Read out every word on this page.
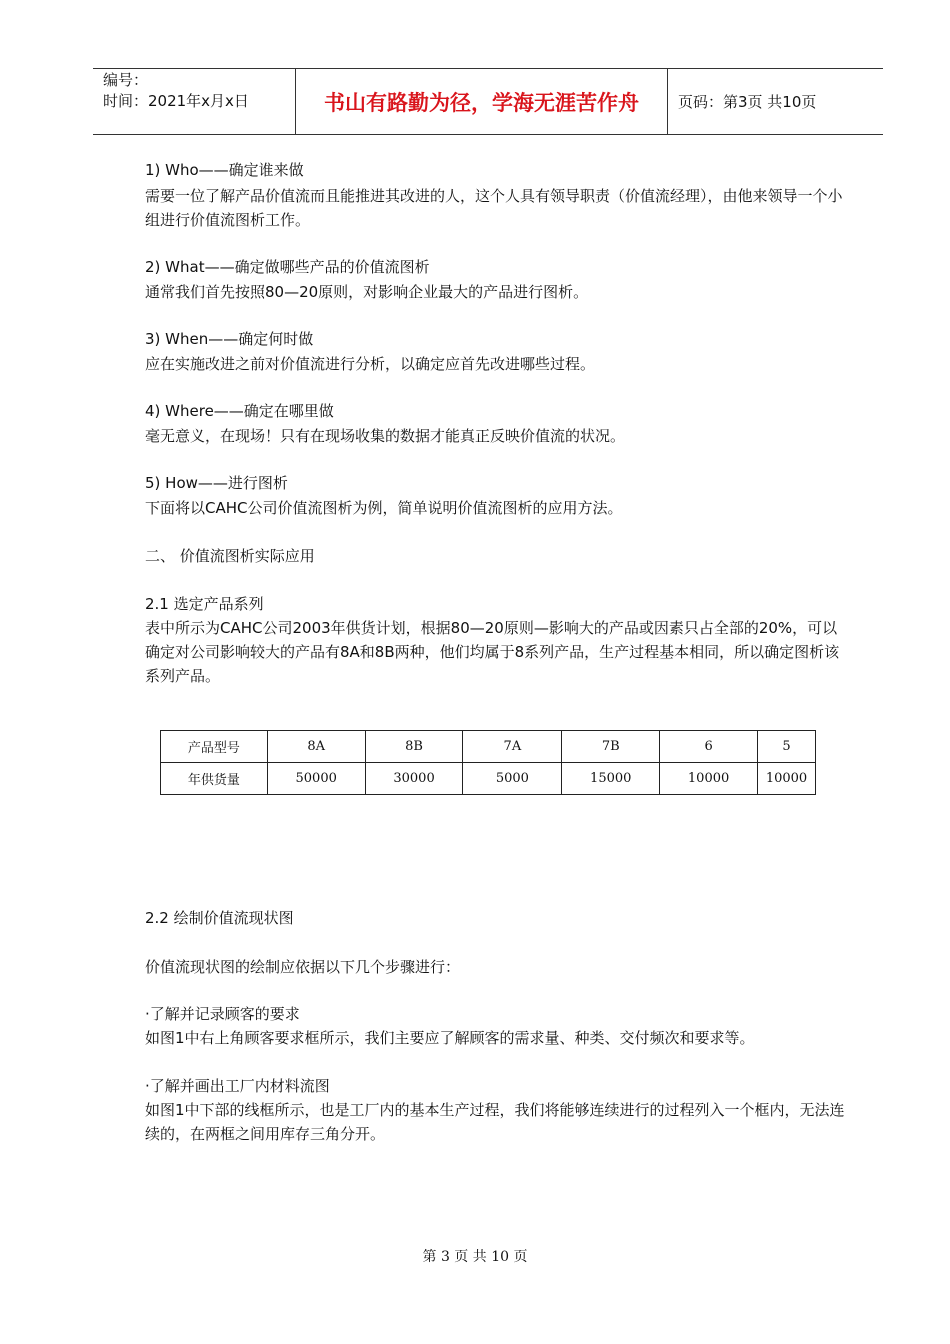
编号：
时间：2021年x月x日	书山有路勤为径，学海无涯苦作舟	页码：第3页 共10页
1) Who——确定谁来做
需要一位了解产品价值流而且能推进其改进的人，这个人具有领导职责（价值流经理），由他来领导一个小组进行价值流图析工作。
2) What——确定做哪些产品的价值流图析
通常我们首先按照80—20原则，对影响企业最大的产品进行图析。
3) When——确定何时做
应在实施改进之前对价值流进行分析，以确定应首先改进哪些过程。
4) Where——确定在哪里做
毫无意义，在现场！只有在现场收集的数据才能真正反映价值流的状况。
5) How——进行图析
下面将以CAHC公司价值流图析为例，简单说明价值流图析的应用方法。
二、 价值流图析实际应用
2.1 选定产品系列
表中所示为CAHC公司2003年供货计划，根据80—20原则—影响大的产品或因素只占全部的20%，可以确定对公司影响较大的产品有8A和8B两种，他们均属于8系列产品，生产过程基本相同，所以确定图析该系列产品。
2.2 绘制价值流现状图
价值流现状图的绘制应依据以下几个步骤进行：
·了解并记录顾客的要求
如图1中右上角顾客要求框所示，我们主要应了解顾客的需求量、种类、交付频次和要求等。
·了解并画出工厂内材料流图
如图1中下部的线框所示，也是工厂内的基本生产过程，我们将能够连续进行的过程列入一个框内，无法连续的，在两框之间用库存三角分开。
产品型号	8A	8B	7A	7B	6	5
年供货量	50000	30000	5000	15000	10000	10000
第 3 页 共 10 页
